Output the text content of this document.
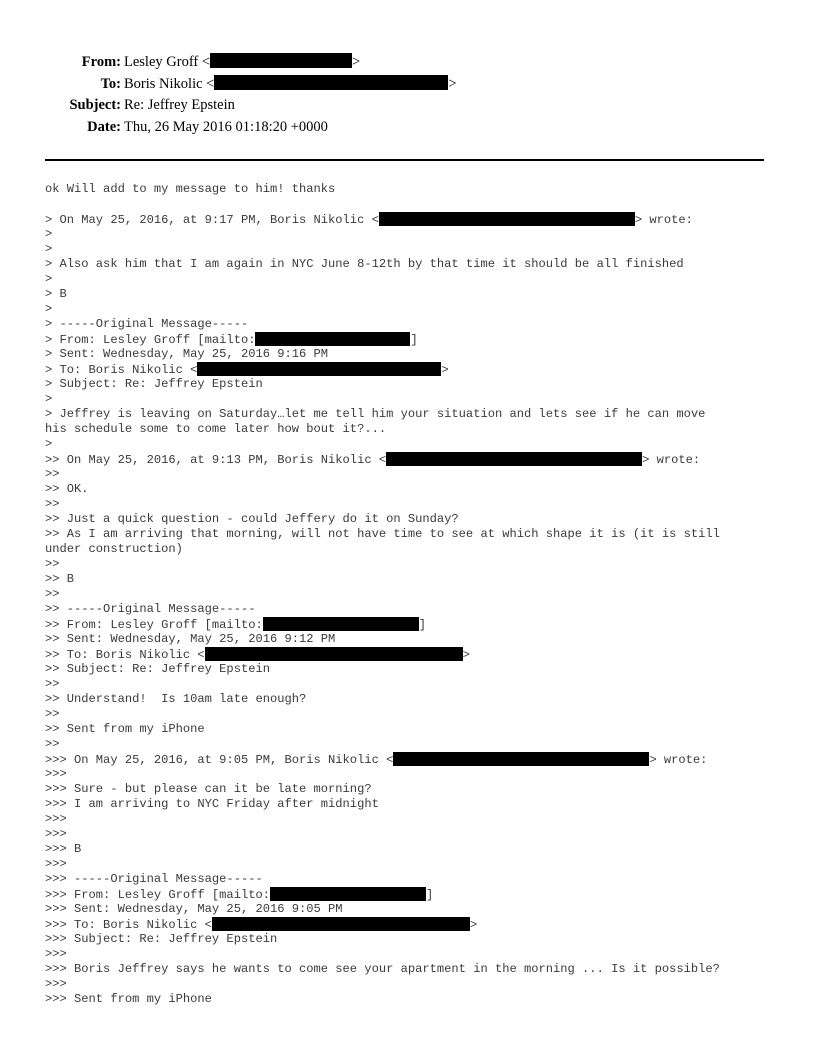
From: Lesley Groff <	>
To: Boris Nikolic <	>
Subject: Re: Jeffrey Epstein
Date: Thu, 26 May 2016 01:18:20 +0000
ok Will add to my message to him! thanks
> On May 25, 2016, at 9:17 PM, Boris Nikolic <	> wrote:
>
>
> Also ask him that I am again in NYC June 8-12th by that time it should be all finished
>
> B
>
> -----Original Message-----
> From: Lesley Groff [mailto:	]
> Sent: Wednesday, May 25, 2016 9:16 PM
> To: Boris Nikolic <	>
> Subject: Re: Jeffrey Epstein
>
> Jeffrey is leaving on Saturday…let me tell him your situation and lets see if he can move
his schedule some to come later how bout it?...
>
>> On May 25, 2016, at 9:13 PM, Boris Nikolic <	> wrote:
>>
>> OK.
>>
>> Just a quick question - could Jeffery do it on Sunday?
>> As I am arriving that morning, will not have time to see at which shape it is (it is still
under construction)
>>
>> B
>>
>> -----Original Message-----
>> From: Lesley Groff [mailto:	]
>> Sent: Wednesday, May 25, 2016 9:12 PM
>> To: Boris Nikolic <	>
>> Subject: Re: Jeffrey Epstein
>>
>> Understand!  Is 10am late enough?
>>
>> Sent from my iPhone
>>
>>> On May 25, 2016, at 9:05 PM, Boris Nikolic <	> wrote:
>>>
>>> Sure - but please can it be late morning?
>>> I am arriving to NYC Friday after midnight
>>>
>>>
>>> B
>>>
>>> -----Original Message-----
>>> From: Lesley Groff [mailto:	]
>>> Sent: Wednesday, May 25, 2016 9:05 PM
>>> To: Boris Nikolic <	>
>>> Subject: Re: Jeffrey Epstein
>>>
>>> Boris Jeffrey says he wants to come see your apartment in the morning ... Is it possible?
>>>
>>> Sent from my iPhone
